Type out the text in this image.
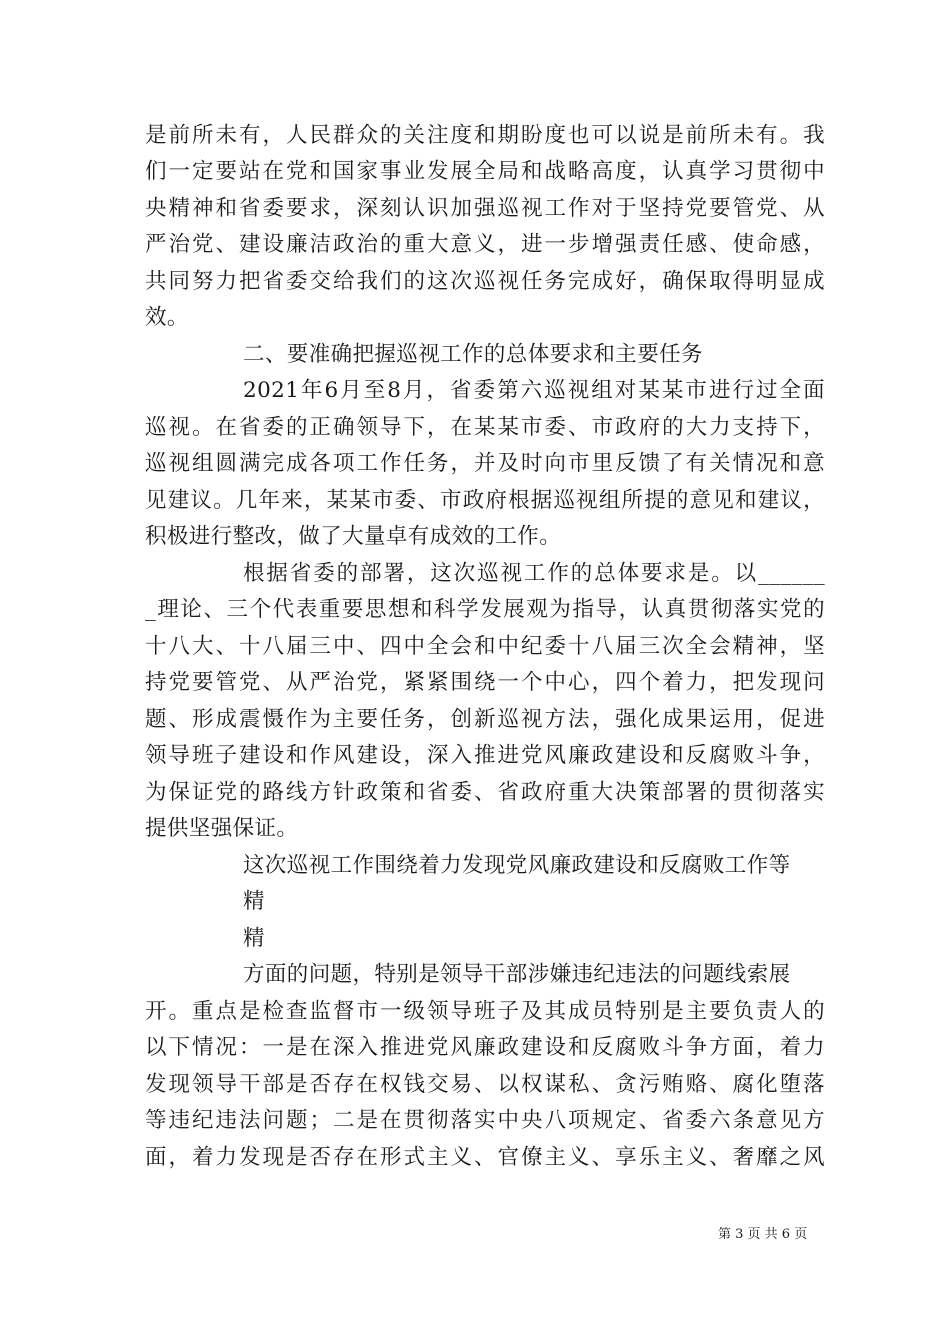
是前所未有，人民群众的关注度和期盼度也可以说是前所未有。我
们一定要站在党和国家事业发展全局和战略高度，认真学习贯彻中
央精神和省委要求，深刻认识加强巡视工作对于坚持党要管党、从
严治党、建设廉洁政治的重大意义，进一步增强责任感、使命感，
共同努力把省委交给我们的这次巡视任务完成好，确保取得明显成
效。
二、要准确把握巡视工作的总体要求和主要任务
2021年6月至8月，省委第六巡视组对某某市进行过全面
巡视。在省委的正确领导下，在某某市委、市政府的大力支持下，
巡视组圆满完成各项工作任务，并及时向市里反馈了有关情况和意
见建议。几年来，某某市委、市政府根据巡视组所提的意见和建议，
积极进行整改，做了大量卓有成效的工作。
根据省委的部署，这次巡视工作的总体要求是。以______
_理论、三个代表重要思想和科学发展观为指导，认真贯彻落实党的
十八大、十八届三中、四中全会和中纪委十八届三次全会精神，坚
持党要管党、从严治党，紧紧围绕一个中心，四个着力，把发现问
题、形成震慑作为主要任务，创新巡视方法，强化成果运用，促进
领导班子建设和作风建设，深入推进党风廉政建设和反腐败斗争，
为保证党的路线方针政策和省委、省政府重大决策部署的贯彻落实
提供坚强保证。
这次巡视工作围绕着力发现党风廉政建设和反腐败工作等
精
精
方面的问题，特别是领导干部涉嫌违纪违法的问题线索展
开。重点是检查监督市一级领导班子及其成员特别是主要负责人的
以下情况：一是在深入推进党风廉政建设和反腐败斗争方面，着力
发现领导干部是否存在权钱交易、以权谋私、贪污贿赂、腐化堕落
等违纪违法问题；二是在贯彻落实中央八项规定、省委六条意见方
面，着力发现是否存在形式主义、官僚主义、享乐主义、奢靡之风
第 3 页 共 6 页
